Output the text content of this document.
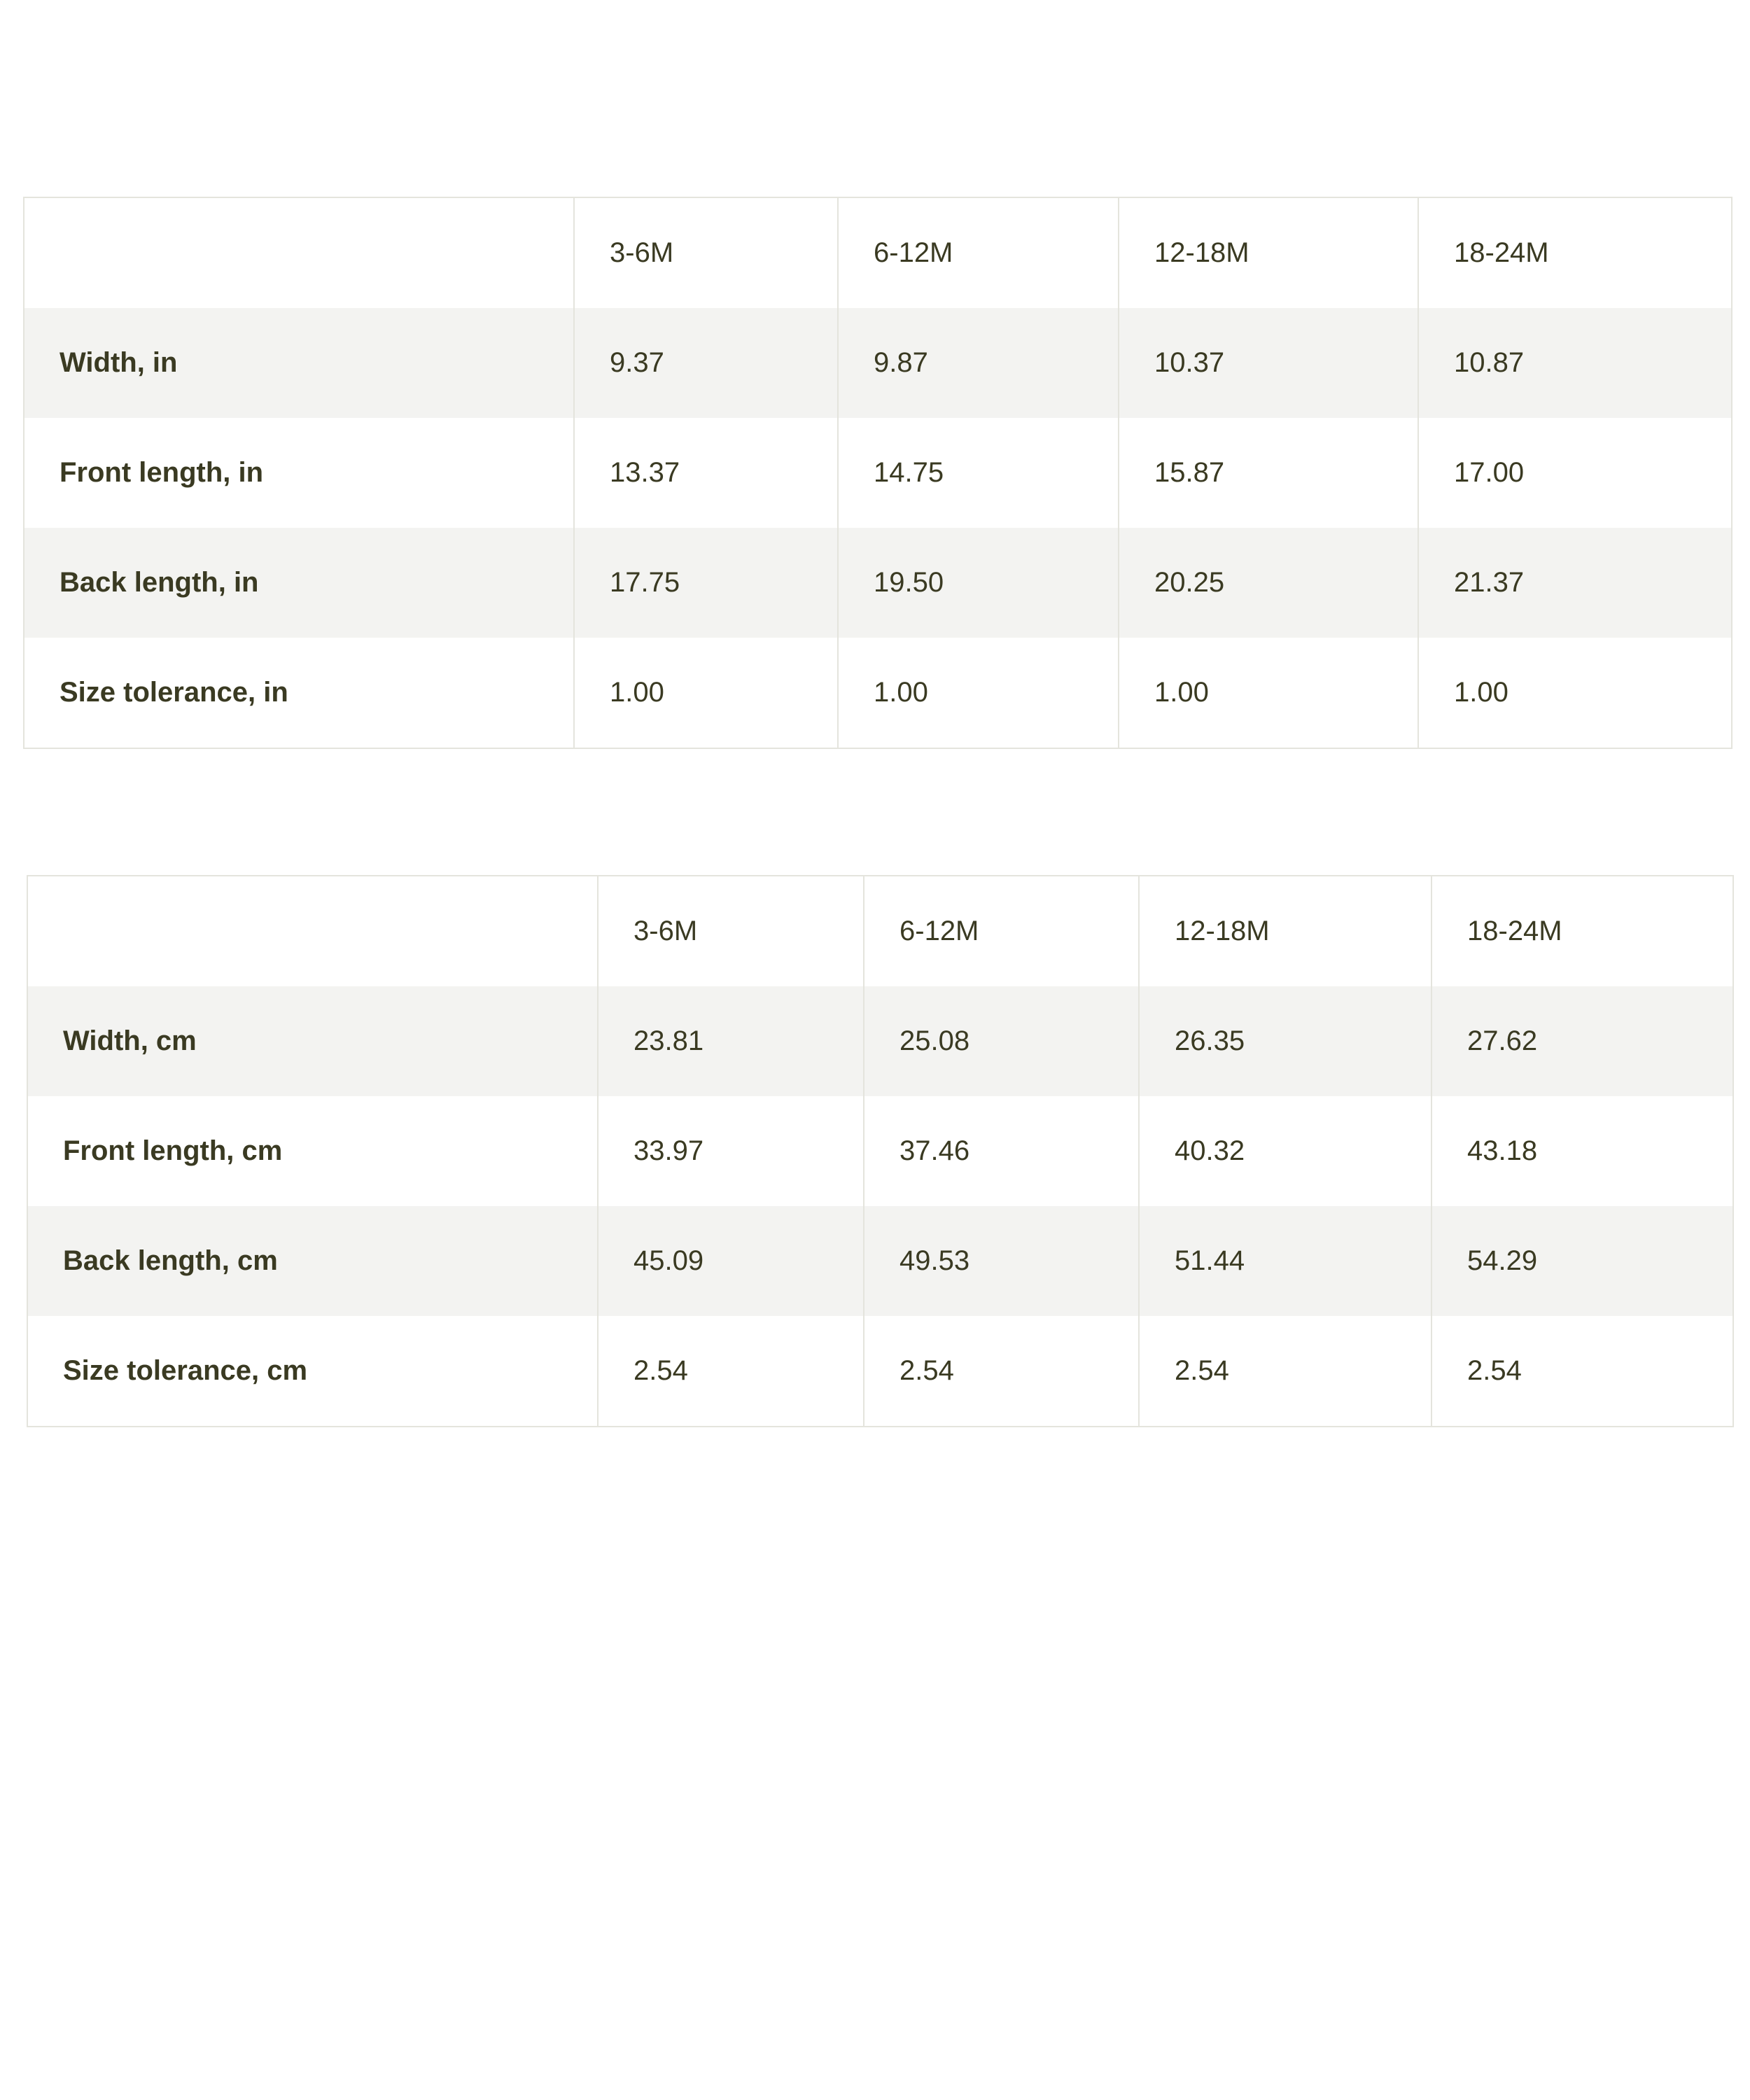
	3-6M	6-12M	12-18M	18-24M
Width, in	9.37	9.87	10.37	10.87
Front length, in	13.37	14.75	15.87	17.00
Back length, in	17.75	19.50	20.25	21.37
Size tolerance, in	1.00	1.00	1.00	1.00
	3-6M	6-12M	12-18M	18-24M
Width, cm	23.81	25.08	26.35	27.62
Front length, cm	33.97	37.46	40.32	43.18
Back length, cm	45.09	49.53	51.44	54.29
Size tolerance, cm	2.54	2.54	2.54	2.54
